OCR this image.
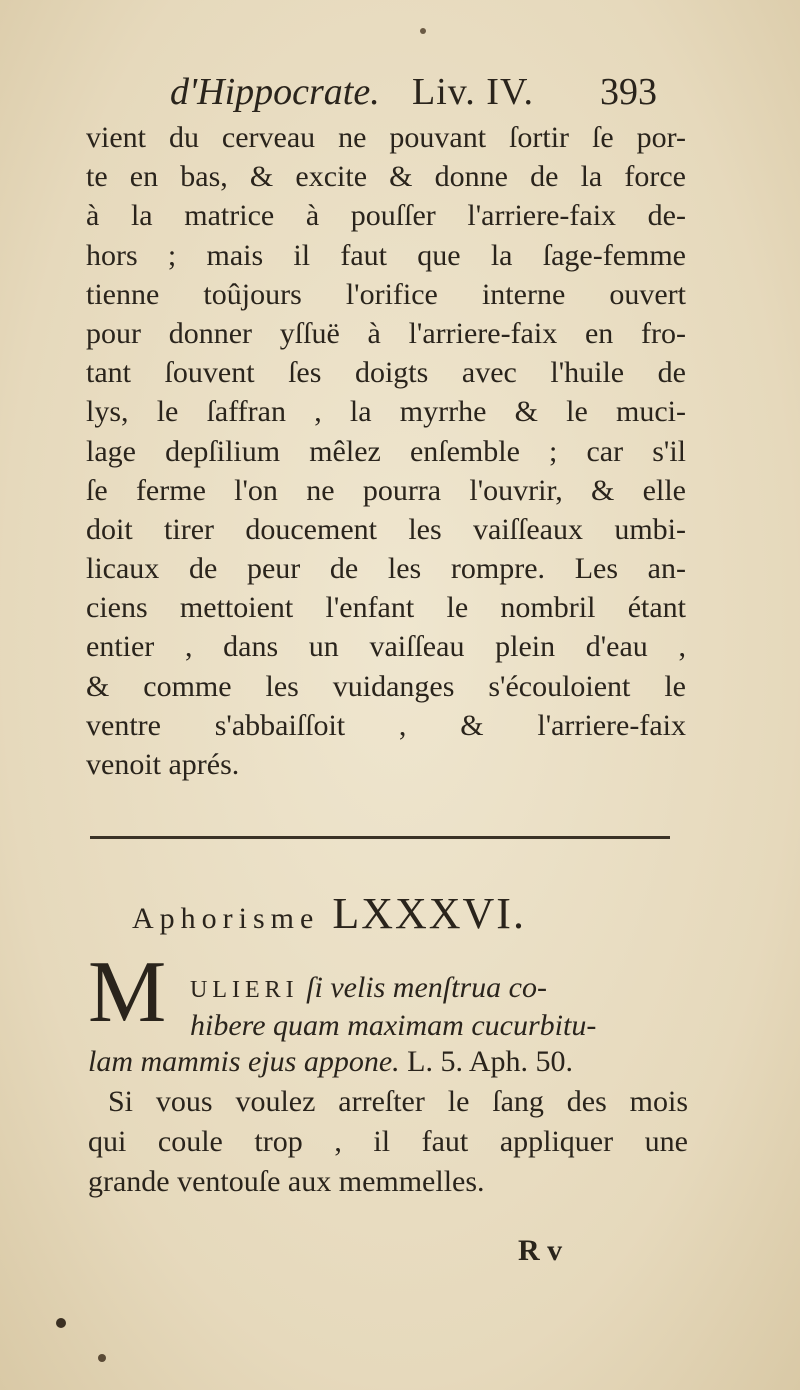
d'Hippocrate. Liv. IV. 393
vient du cerveau ne pouvant ſortir ſe por-
te en bas, & excite & donne de la force
à la matrice à pouſſer l'arriere-faix de-
hors ; mais il faut que la ſage-femme
tienne toûjours l'orifice interne ouvert
pour donner yſſuë à l'arriere-faix en fro-
tant ſouvent ſes doigts avec l'huile de
lys, le ſaffran , la myrrhe & le muci-
lage depſilium mêlez enſemble ; car s'il
ſe ferme l'on ne pourra l'ouvrir, & elle
doit tirer doucement les vaiſſeaux umbi-
licaux de peur de les rompre. Les an-
ciens mettoient l'enfant le nombril étant
entier , dans un vaiſſeau plein d'eau ,
& comme les vuidanges s'écouloient le
ventre s'abbaiſſoit , & l'arriere-faix
venoit aprés.
Aphorisme LXXXVI.
M ULIERI ſi velis menſtrua co-
hibere quam maximam cucurbitu-
lam mammis ejus appone. L. 5. Aph. 50.
Si vous voulez arreſter le ſang des mois
qui coule trop , il faut appliquer une
grande ventouſe aux memmelles.
R v
